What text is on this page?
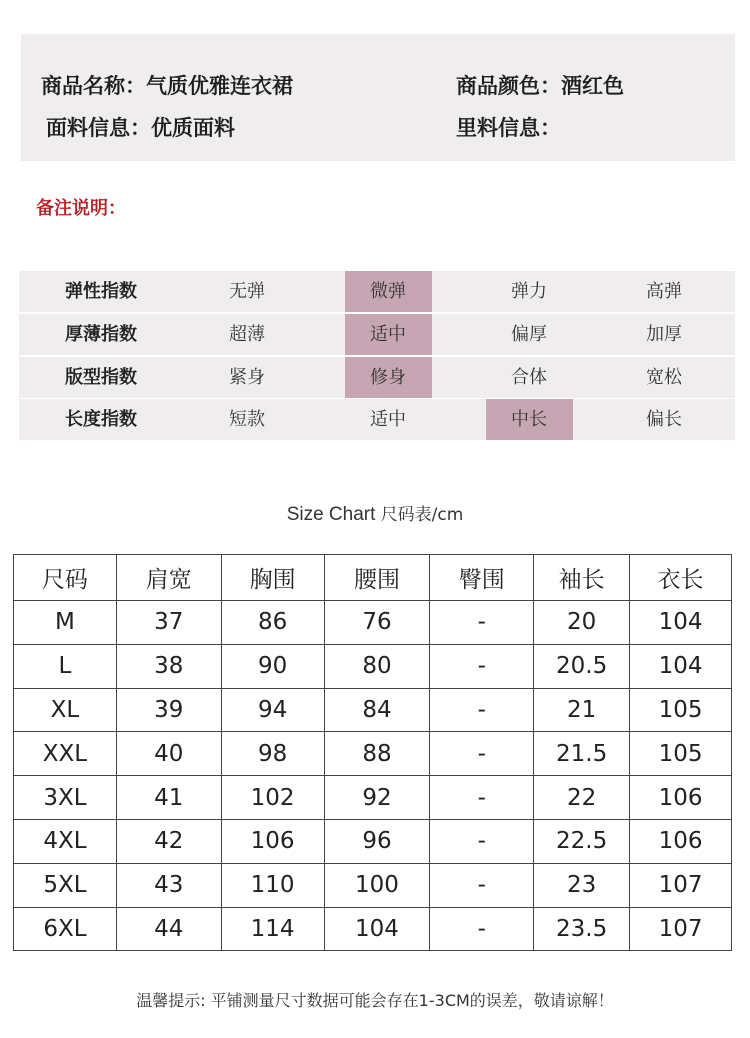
商品名称：气质优雅连衣裙	商品颜色：酒红色
面料信息：优质面料	里料信息：
备注说明：
弹性指数	无弹	微弹	弹力	高弹
厚薄指数	超薄	适中	偏厚	加厚
版型指数	紧身	修身	合体	宽松
长度指数	短款	适中	中长	偏长
Size Chart 尺码表/cm
尺码	肩宽	胸围	腰围	臀围	袖长	衣长
M	37	86	76	-	20	104
L	38	90	80	-	20.5	104
XL	39	94	84	-	21	105
XXL	40	98	88	-	21.5	105
3XL	41	102	92	-	22	106
4XL	42	106	96	-	22.5	106
5XL	43	110	100	-	23	107
6XL	44	114	104	-	23.5	107
温馨提示: 平铺测量尺寸数据可能会存在1-3CM的误差，敬请谅解！
